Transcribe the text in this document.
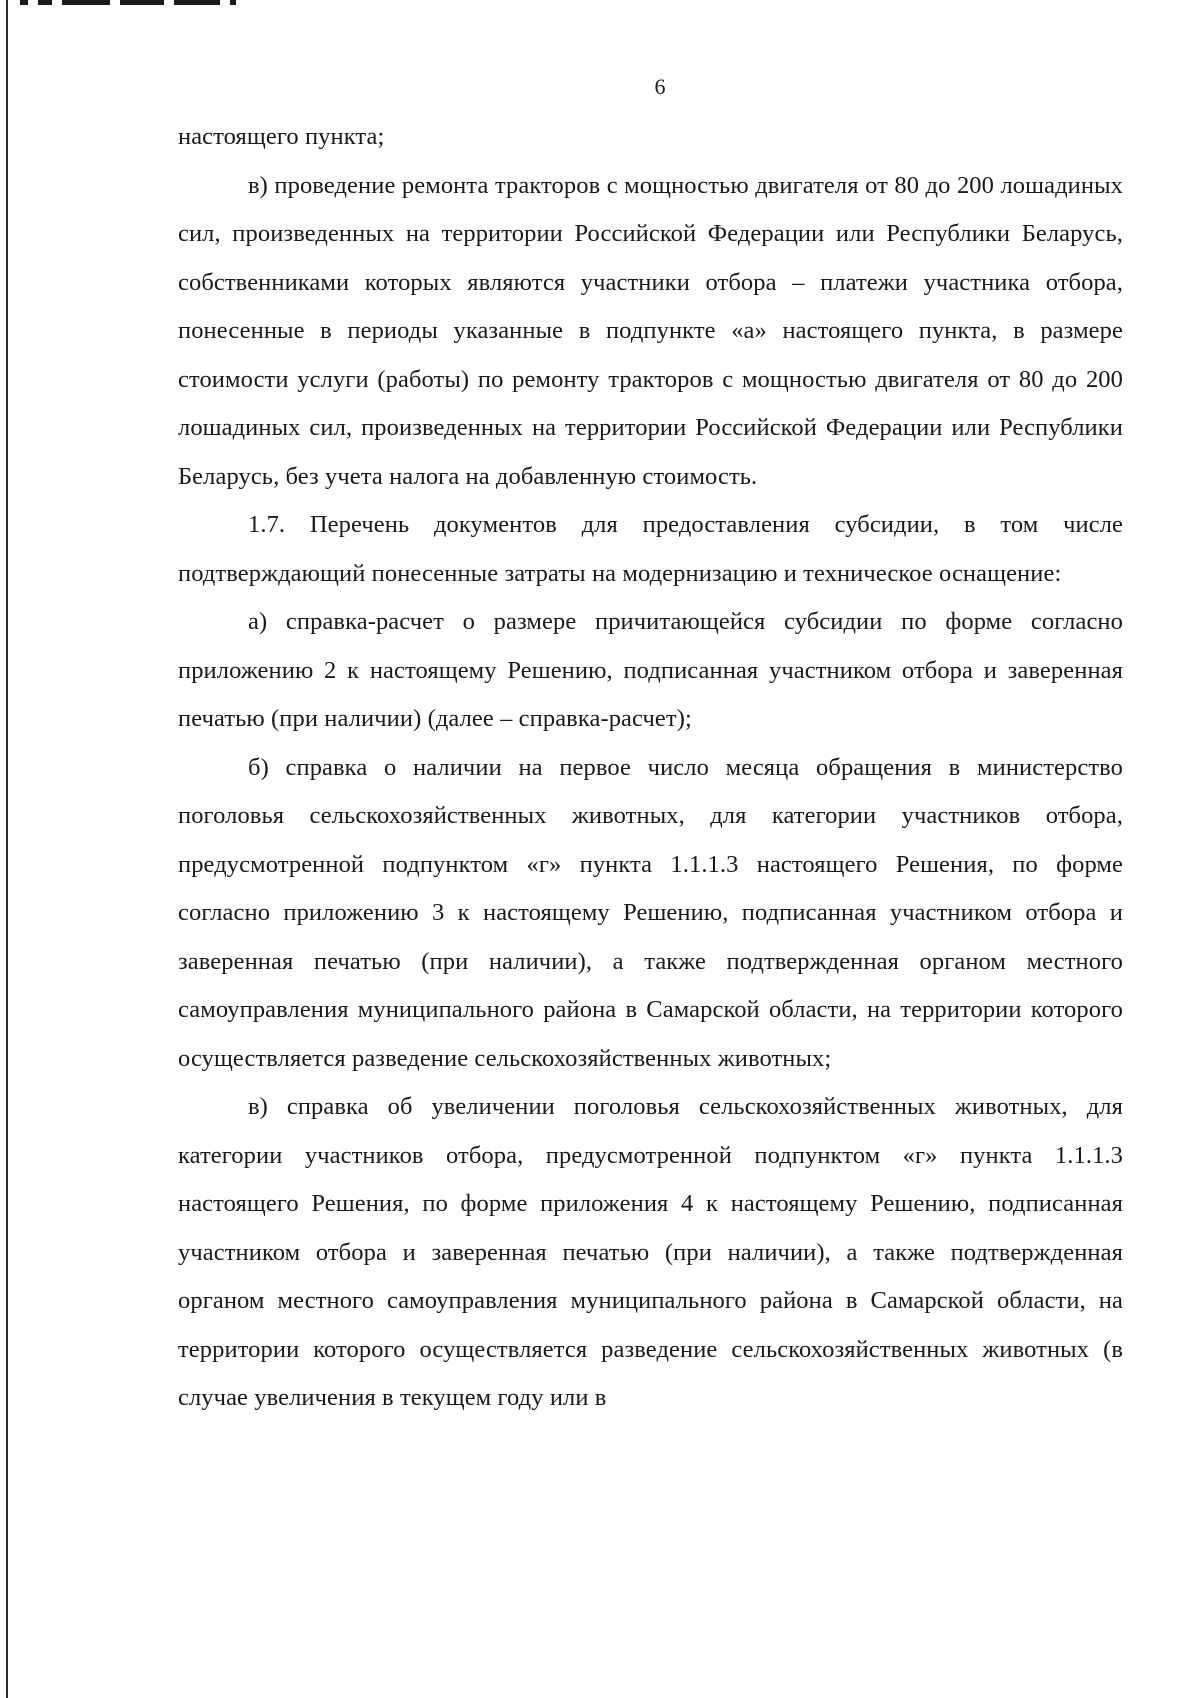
6

настоящего пункта;

в) проведение ремонта тракторов с мощностью двигателя от 80 до 200 лошадиных сил, произведенных на территории Российской Федерации или Республики Беларусь, собственниками которых являются участники отбора – платежи участника отбора, понесенные в периоды указанные в подпункте «а» настоящего пункта, в размере стоимости услуги (работы) по ремонту тракторов с мощностью двигателя от 80 до 200 лошадиных сил, произведенных на территории Российской Федерации или Республики Беларусь, без учета налога на добавленную стоимость.

1.7. Перечень документов для предоставления субсидии, в том числе подтверждающий понесенные затраты на модернизацию и техническое оснащение:

а) справка-расчет о размере причитающейся субсидии по форме согласно приложению 2 к настоящему Решению, подписанная участником отбора и заверенная печатью (при наличии) (далее – справка-расчет);

б) справка о наличии на первое число месяца обращения в министерство поголовья сельскохозяйственных животных, для категории участников отбора, предусмотренной подпунктом «г» пункта 1.1.1.3 настоящего Решения, по форме согласно приложению 3 к настоящему Решению, подписанная участником отбора и заверенная печатью (при наличии), а также подтвержденная органом местного самоуправления муниципального района в Самарской области, на территории которого осуществляется разведение сельскохозяйственных животных;

в) справка об увеличении поголовья сельскохозяйственных животных, для категории участников отбора, предусмотренной подпунктом «г» пункта 1.1.1.3 настоящего Решения, по форме приложения 4 к настоящему Решению, подписанная участником отбора и заверенная печатью (при наличии), а также подтвержденная органом местного самоуправления муниципального района в Самарской области, на территории которого осуществляется разведение сельскохозяйственных животных (в случае увеличения в текущем году или в
